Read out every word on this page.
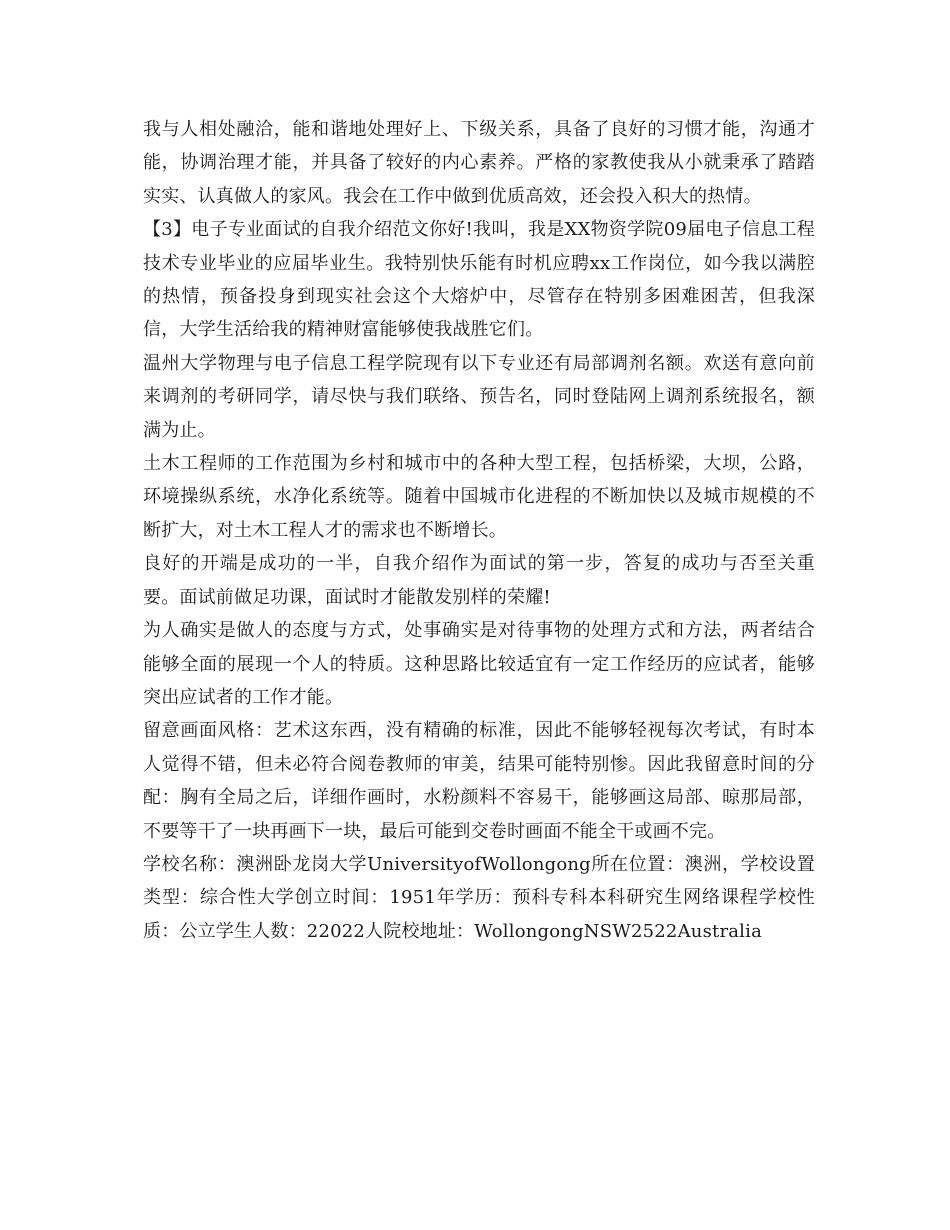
我与人相处融洽，能和谐地处理好上、下级关系，具备了良好的习惯才能，沟通才能，协调治理才能，并具备了较好的内心素养。严格的家教使我从小就秉承了踏踏实实、认真做人的家风。我会在工作中做到优质高效，还会投入积大的热情。

【3】电子专业面试的自我介绍范文你好!我叫，我是XX物资学院09届电子信息工程技术专业毕业的应届毕业生。我特别快乐能有时机应聘xx工作岗位，如今我以满腔的热情，预备投身到现实社会这个大熔炉中，尽管存在特别多困难困苦，但我深信，大学生活给我的精神财富能够使我战胜它们。

温州大学物理与电子信息工程学院现有以下专业还有局部调剂名额。欢送有意向前来调剂的考研同学，请尽快与我们联络、预告名，同时登陆网上调剂系统报名，额满为止。

土木工程师的工作范围为乡村和城市中的各种大型工程，包括桥梁，大坝，公路，环境操纵系统，水净化系统等。随着中国城市化进程的不断加快以及城市规模的不断扩大，对土木工程人才的需求也不断增长。

良好的开端是成功的一半，自我介绍作为面试的第一步，答复的成功与否至关重要。面试前做足功课，面试时才能散发别样的荣耀!

为人确实是做人的态度与方式，处事确实是对待事物的处理方式和方法，两者结合能够全面的展现一个人的特质。这种思路比较适宜有一定工作经历的应试者，能够突出应试者的工作才能。

留意画面风格：艺术这东西，没有精确的标准，因此不能够轻视每次考试，有时本人觉得不错，但未必符合阅卷教师的审美，结果可能特别惨。因此我留意时间的分配：胸有全局之后，详细作画时，水粉颜料不容易干，能够画这局部、晾那局部，不要等干了一块再画下一块，最后可能到交卷时画面不能全干或画不完。

学校名称：澳洲卧龙岗大学UniversityofWollongong所在位置：澳洲，学校设置类型：综合性大学创立时间：1951年学历：预科专科本科研究生网络课程学校性质：公立学生人数：22022人院校地址：WollongongNSW2522Australia
